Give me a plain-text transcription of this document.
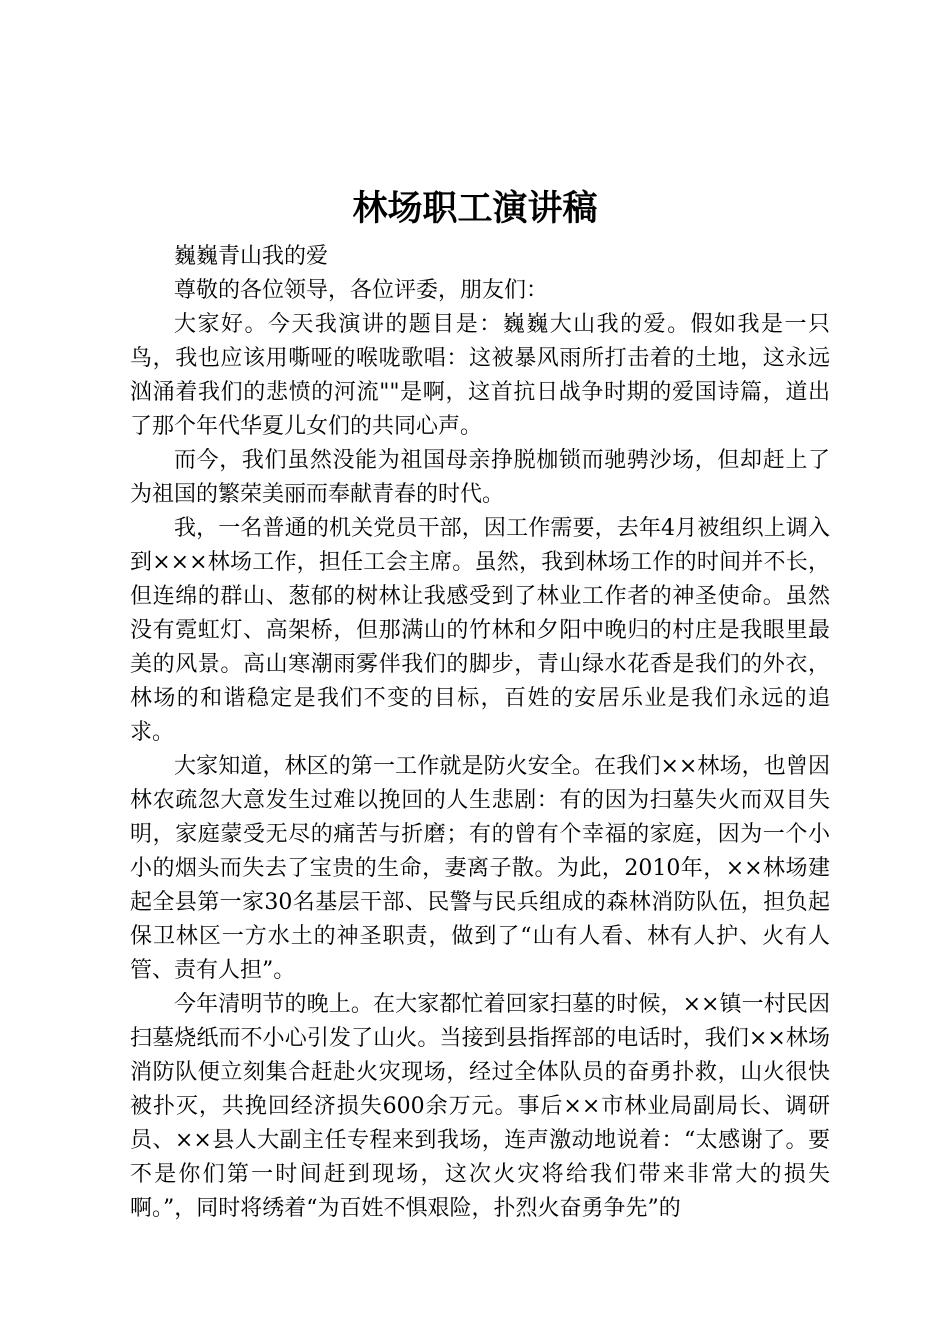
林场职工演讲稿

巍巍青山我的爱

尊敬的各位领导，各位评委，朋友们：

大家好。今天我演讲的题目是：巍巍大山我的爱。假如我是一只鸟，我也应该用嘶哑的喉咙歌唱：这被暴风雨所打击着的土地，这永远汹涌着我们的悲愤的河流""是啊，这首抗日战争时期的爱国诗篇，道出了那个年代华夏儿女们的共同心声。

而今，我们虽然没能为祖国母亲挣脱枷锁而驰骋沙场，但却赶上了为祖国的繁荣美丽而奉献青春的时代。

我，一名普通的机关党员干部，因工作需要，去年4月被组织上调入到×××林场工作，担任工会主席。虽然，我到林场工作的时间并不长，但连绵的群山、葱郁的树林让我感受到了林业工作者的神圣使命。虽然没有霓虹灯、高架桥，但那满山的竹林和夕阳中晚归的村庄是我眼里最美的风景。高山寒潮雨雾伴我们的脚步，青山绿水花香是我们的外衣，林场的和谐稳定是我们不变的目标，百姓的安居乐业是我们永远的追求。

大家知道，林区的第一工作就是防火安全。在我们××林场，也曾因林农疏忽大意发生过难以挽回的人生悲剧：有的因为扫墓失火而双目失明，家庭蒙受无尽的痛苦与折磨；有的曾有个幸福的家庭，因为一个小小的烟头而失去了宝贵的生命，妻离子散。为此，2010年，××林场建起全县第一家30名基层干部、民警与民兵组成的森林消防队伍，担负起保卫林区一方水土的神圣职责，做到了“山有人看、林有人护、火有人管、责有人担”。

今年清明节的晚上。在大家都忙着回家扫墓的时候，××镇一村民因扫墓烧纸而不小心引发了山火。当接到县指挥部的电话时，我们××林场消防队便立刻集合赶赴火灾现场，经过全体队员的奋勇扑救，山火很快被扑灭，共挽回经济损失600余万元。事后××市林业局副局长、调研员、××县人大副主任专程来到我场，连声激动地说着：“太感谢了。要不是你们第一时间赶到现场，这次火灾将给我们带来非常大的损失啊。”，同时将绣着“为百姓不惧艰险，扑烈火奋勇争先”的
